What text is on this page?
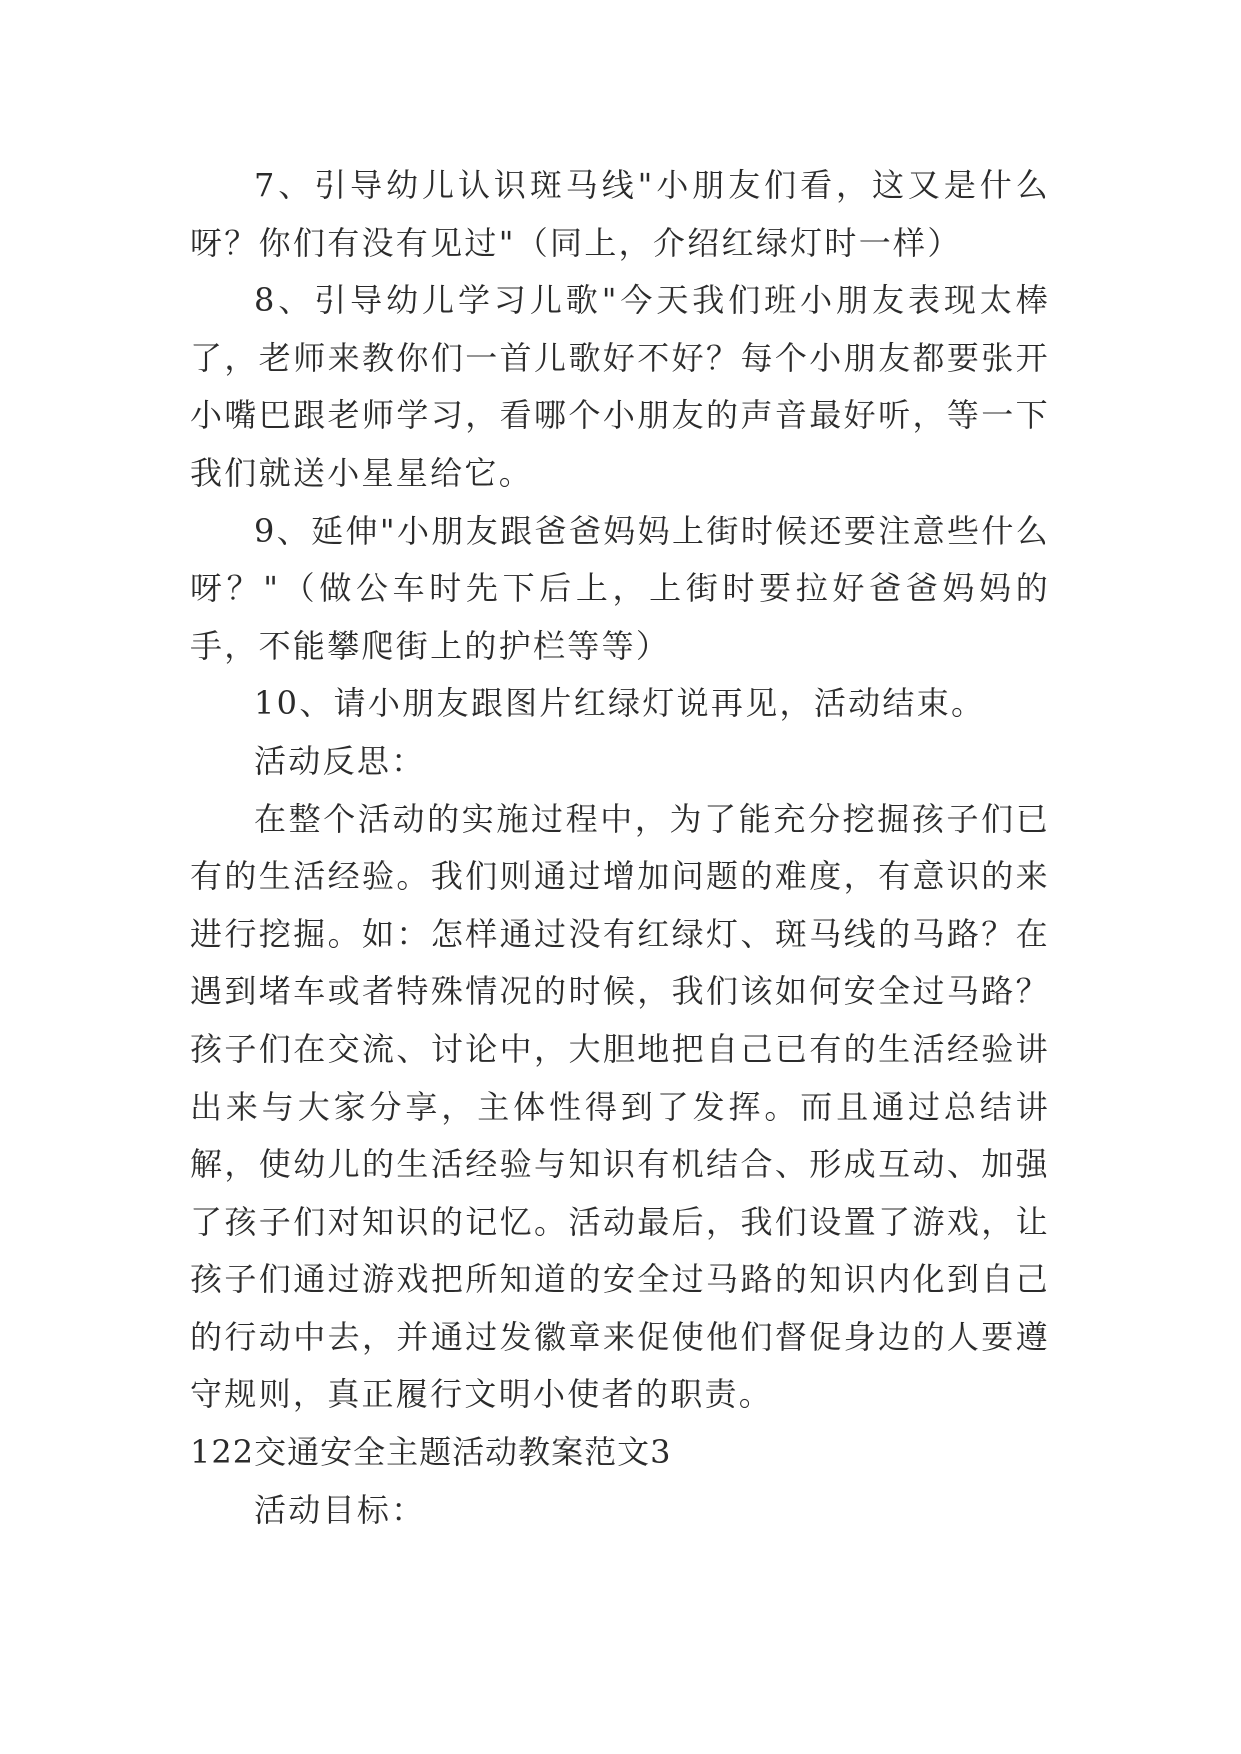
7、引导幼儿认识斑马线"小朋友们看，这又是什么呀？你们有没有见过"（同上，介绍红绿灯时一样）

8、引导幼儿学习儿歌"今天我们班小朋友表现太棒了，老师来教你们一首儿歌好不好？每个小朋友都要张开小嘴巴跟老师学习，看哪个小朋友的声音最好听，等一下我们就送小星星给它。

9、延伸"小朋友跟爸爸妈妈上街时候还要注意些什么呀？"（做公车时先下后上，上街时要拉好爸爸妈妈的手，不能攀爬街上的护栏等等）

10、请小朋友跟图片红绿灯说再见，活动结束。

活动反思：

在整个活动的实施过程中，为了能充分挖掘孩子们已有的生活经验。我们则通过增加问题的难度，有意识的来进行挖掘。如：怎样通过没有红绿灯、斑马线的马路？在遇到堵车或者特殊情况的时候，我们该如何安全过马路？孩子们在交流、讨论中，大胆地把自己已有的生活经验讲出来与大家分享，主体性得到了发挥。而且通过总结讲解，使幼儿的生活经验与知识有机结合、形成互动、加强了孩子们对知识的记忆。活动最后，我们设置了游戏，让孩子们通过游戏把所知道的安全过马路的知识内化到自己的行动中去，并通过发徽章来促使他们督促身边的人要遵守规则，真正履行文明小使者的职责。

122交通安全主题活动教案范文3

活动目标：
